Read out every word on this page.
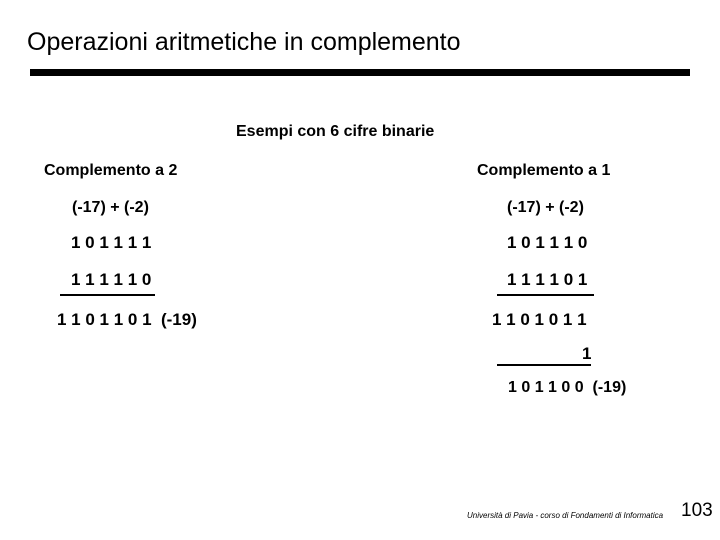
Operazioni aritmetiche in complemento
Esempi con 6 cifre binarie
Complemento a 2
(-17) + (-2)
1 0 1 1 1 1
1 1 1 1 1 0
1 1 0 1 1 0 1  (-19)
Complemento a 1
(-17) + (-2)
1 0 1 1 1 0
1 1 1 1 0 1
1 1 0 1 0 1 1
1
1 0 1 1 0 0  (-19)
Università di Pavia - corso di Fondamenti di Informatica 103
